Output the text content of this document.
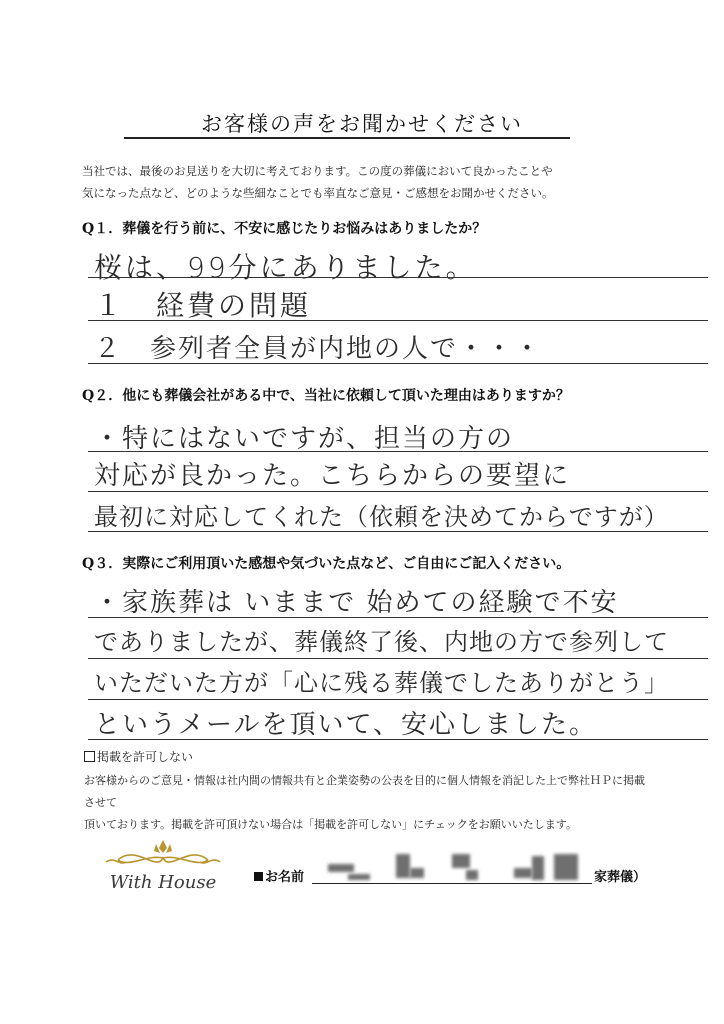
お客様の声をお聞かせください
当社では、最後のお見送りを大切に考えております。この度の葬儀において良かったことや
気になった点など、どのような些細なことでも率直なご意見・ご感想をお聞かせください。
Q１．葬儀を行う前に、不安に感じたりお悩みはありましたか？
桜は、99分にありました。
１　経費の問題
２　参列者全員が内地の人で・・・
Q２．他にも葬儀会社がある中で、当社に依頼して頂いた理由はありますか？
・特にはないですが、担当の方の
対応が良かった。こちらからの要望に
最初に対応してくれた（依頼を決めてからですが）
Q３．実際にご利用頂いた感想や気づいた点など、ご自由にご記入ください。
・家族葬は いままで 始めての経験で不安
でありましたが、葬儀終了後、内地の方で参列して
いただいた方が「心に残る葬儀でしたありがとう」
というメールを頂いて、安心しました。
掲載を許可しない
お客様からのご意見・情報は社内間の情報共有と企業姿勢の公表を目的に個人情報を消記した上で弊社ＨＰに掲載させて
頂いております。掲載を許可頂けない場合は「掲載を許可しない」にチェックをお願いいたします。
With House	お名前	家葬儀）
